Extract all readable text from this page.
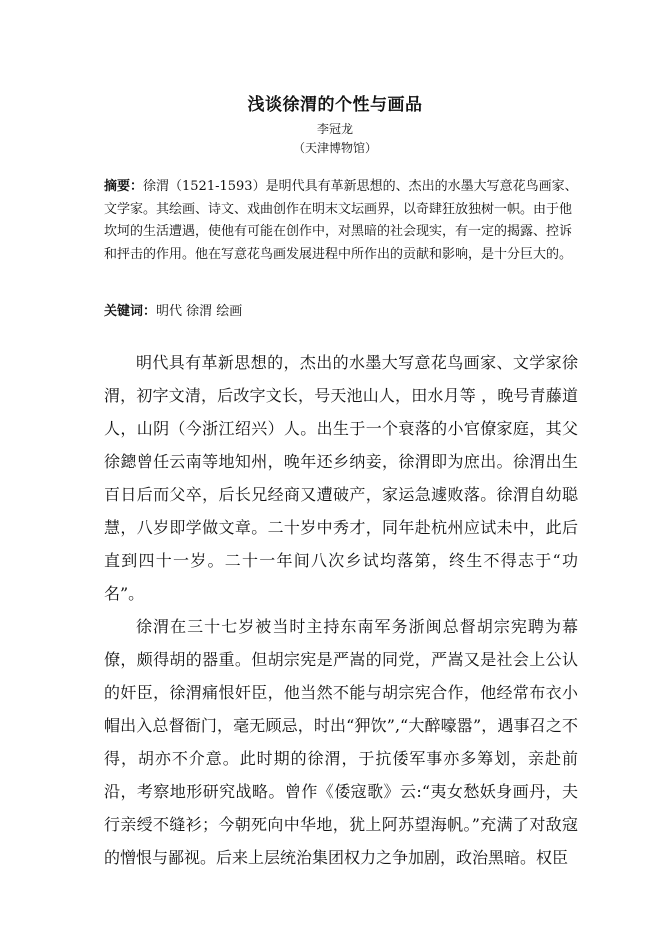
浅谈徐渭的个性与画品
李冠龙
（天津博物馆）
摘要：徐渭（1521-1593）是明代具有革新思想的、杰出的水墨大写意花鸟画家、文学家。其绘画、诗文、戏曲创作在明末文坛画界，以奇肆狂放独树一帜。由于他坎坷的生活遭遇，使他有可能在创作中，对黑暗的社会现实，有一定的揭露、控诉和抨击的作用。他在写意花鸟画发展进程中所作出的贡献和影响，是十分巨大的。
关键词：明代 徐渭 绘画

明代具有革新思想的，杰出的水墨大写意花鸟画家、文学家徐渭，初字文清，后改字文长，号天池山人，田水月等 ，晚号青藤道人，山阴（今浙江绍兴）人。出生于一个衰落的小官僚家庭，其父徐鏓曾任云南等地知州，晚年还乡纳妾，徐渭即为庶出。徐渭出生百日后而父卒，后长兄经商又遭破产，家运急遽败落。徐渭自幼聪慧，八岁即学做文章。二十岁中秀才，同年赴杭州应试未中，此后直到四十一岁。二十一年间八次乡试均落第，终生不得志于“功名”。

徐渭在三十七岁被当时主持东南军务浙闽总督胡宗宪聘为幕僚，颇得胡的器重。但胡宗宪是严嵩的同党，严嵩又是社会上公认的奸臣，徐渭痛恨奸臣，他当然不能与胡宗宪合作，他经常布衣小帽出入总督衙门，毫无顾忌，时出“狎饮”,“大醉嚎嚣”，遇事召之不得，胡亦不介意。此时期的徐渭，于抗倭军事亦多筹划，亲赴前沿，考察地形研究战略。曾作《倭寇歌》云:“夷女愁妖身画丹，夫行亲绶不缝衫；今朝死向中华地，犹上阿苏望海帆。”充满了对敌寇的憎恨与鄙视。后来上层统治集团权力之争加剧，政治黑暗。权臣
